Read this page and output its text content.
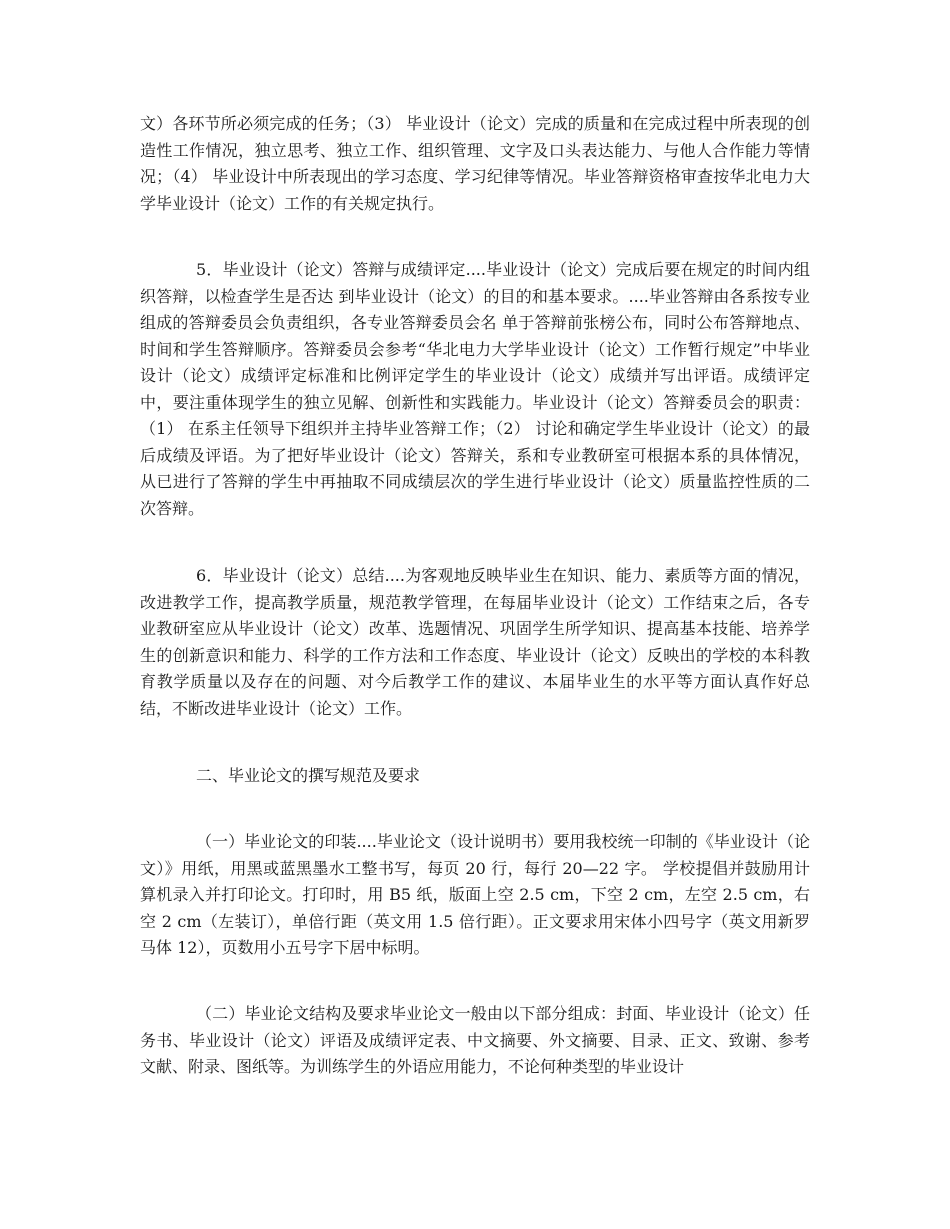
文）各环节所必须完成的任务；（3） 毕业设计（论文）完成的质量和在完成过程中所表现的创造性工作情况，独立思考、独立工作、组织管理、文字及口头表达能力、与他人合作能力等情况；（4） 毕业设计中所表现出的学习态度、学习纪律等情况。毕业答辩资格审查按华北电力大学毕业设计（论文）工作的有关规定执行。

5．毕业设计（论文）答辩与成绩评定....毕业设计（论文）完成后要在规定的时间内组织答辩，以检查学生是否达 到毕业设计（论文）的目的和基本要求。....毕业答辩由各系按专业组成的答辩委员会负责组织，各专业答辩委员会名 单于答辩前张榜公布，同时公布答辩地点、时间和学生答辩顺序。答辩委员会参考“华北电力大学毕业设计（论文）工作暂行规定”中毕业设计（论文）成绩评定标准和比例评定学生的毕业设计（论文）成绩并写出评语。成绩评定中，要注重体现学生的独立见解、创新性和实践能力。毕业设计（论文）答辩委员会的职责：（1） 在系主任领导下组织并主持毕业答辩工作；（2） 讨论和确定学生毕业设计（论文）的最后成绩及评语。为了把好毕业设计（论文）答辩关，系和专业教研室可根据本系的具体情况，从已进行了答辩的学生中再抽取不同成绩层次的学生进行毕业设计（论文）质量监控性质的二次答辩。

6．毕业设计（论文）总结....为客观地反映毕业生在知识、能力、素质等方面的情况，改进教学工作，提高教学质量，规范教学管理，在每届毕业设计（论文）工作结束之后，各专业教研室应从毕业设计（论文）改革、选题情况、巩固学生所学知识、提高基本技能、培养学生的创新意识和能力、科学的工作方法和工作态度、毕业设计（论文）反映出的学校的本科教育教学质量以及存在的问题、对今后教学工作的建议、本届毕业生的水平等方面认真作好总结，不断改进毕业设计（论文）工作。

二、毕业论文的撰写规范及要求

（一）毕业论文的印装....毕业论文（设计说明书）要用我校统一印制的《毕业设计（论文）》用纸，用黑或蓝黑墨水工整书写，每页 20 行，每行 20—22 字。 学校提倡并鼓励用计算机录入并打印论文。打印时，用 B5 纸，版面上空 2.5 cm，下空 2 cm，左空 2.5 cm，右空 2 cm（左装订），单倍行距（英文用 1.5 倍行距）。正文要求用宋体小四号字（英文用新罗马体 12），页数用小五号字下居中标明。

（二）毕业论文结构及要求毕业论文一般由以下部分组成：封面、毕业设计（论文）任务书、毕业设计（论文）评语及成绩评定表、中文摘要、外文摘要、目录、正文、致谢、参考文献、附录、图纸等。为训练学生的外语应用能力，不论何种类型的毕业设计
